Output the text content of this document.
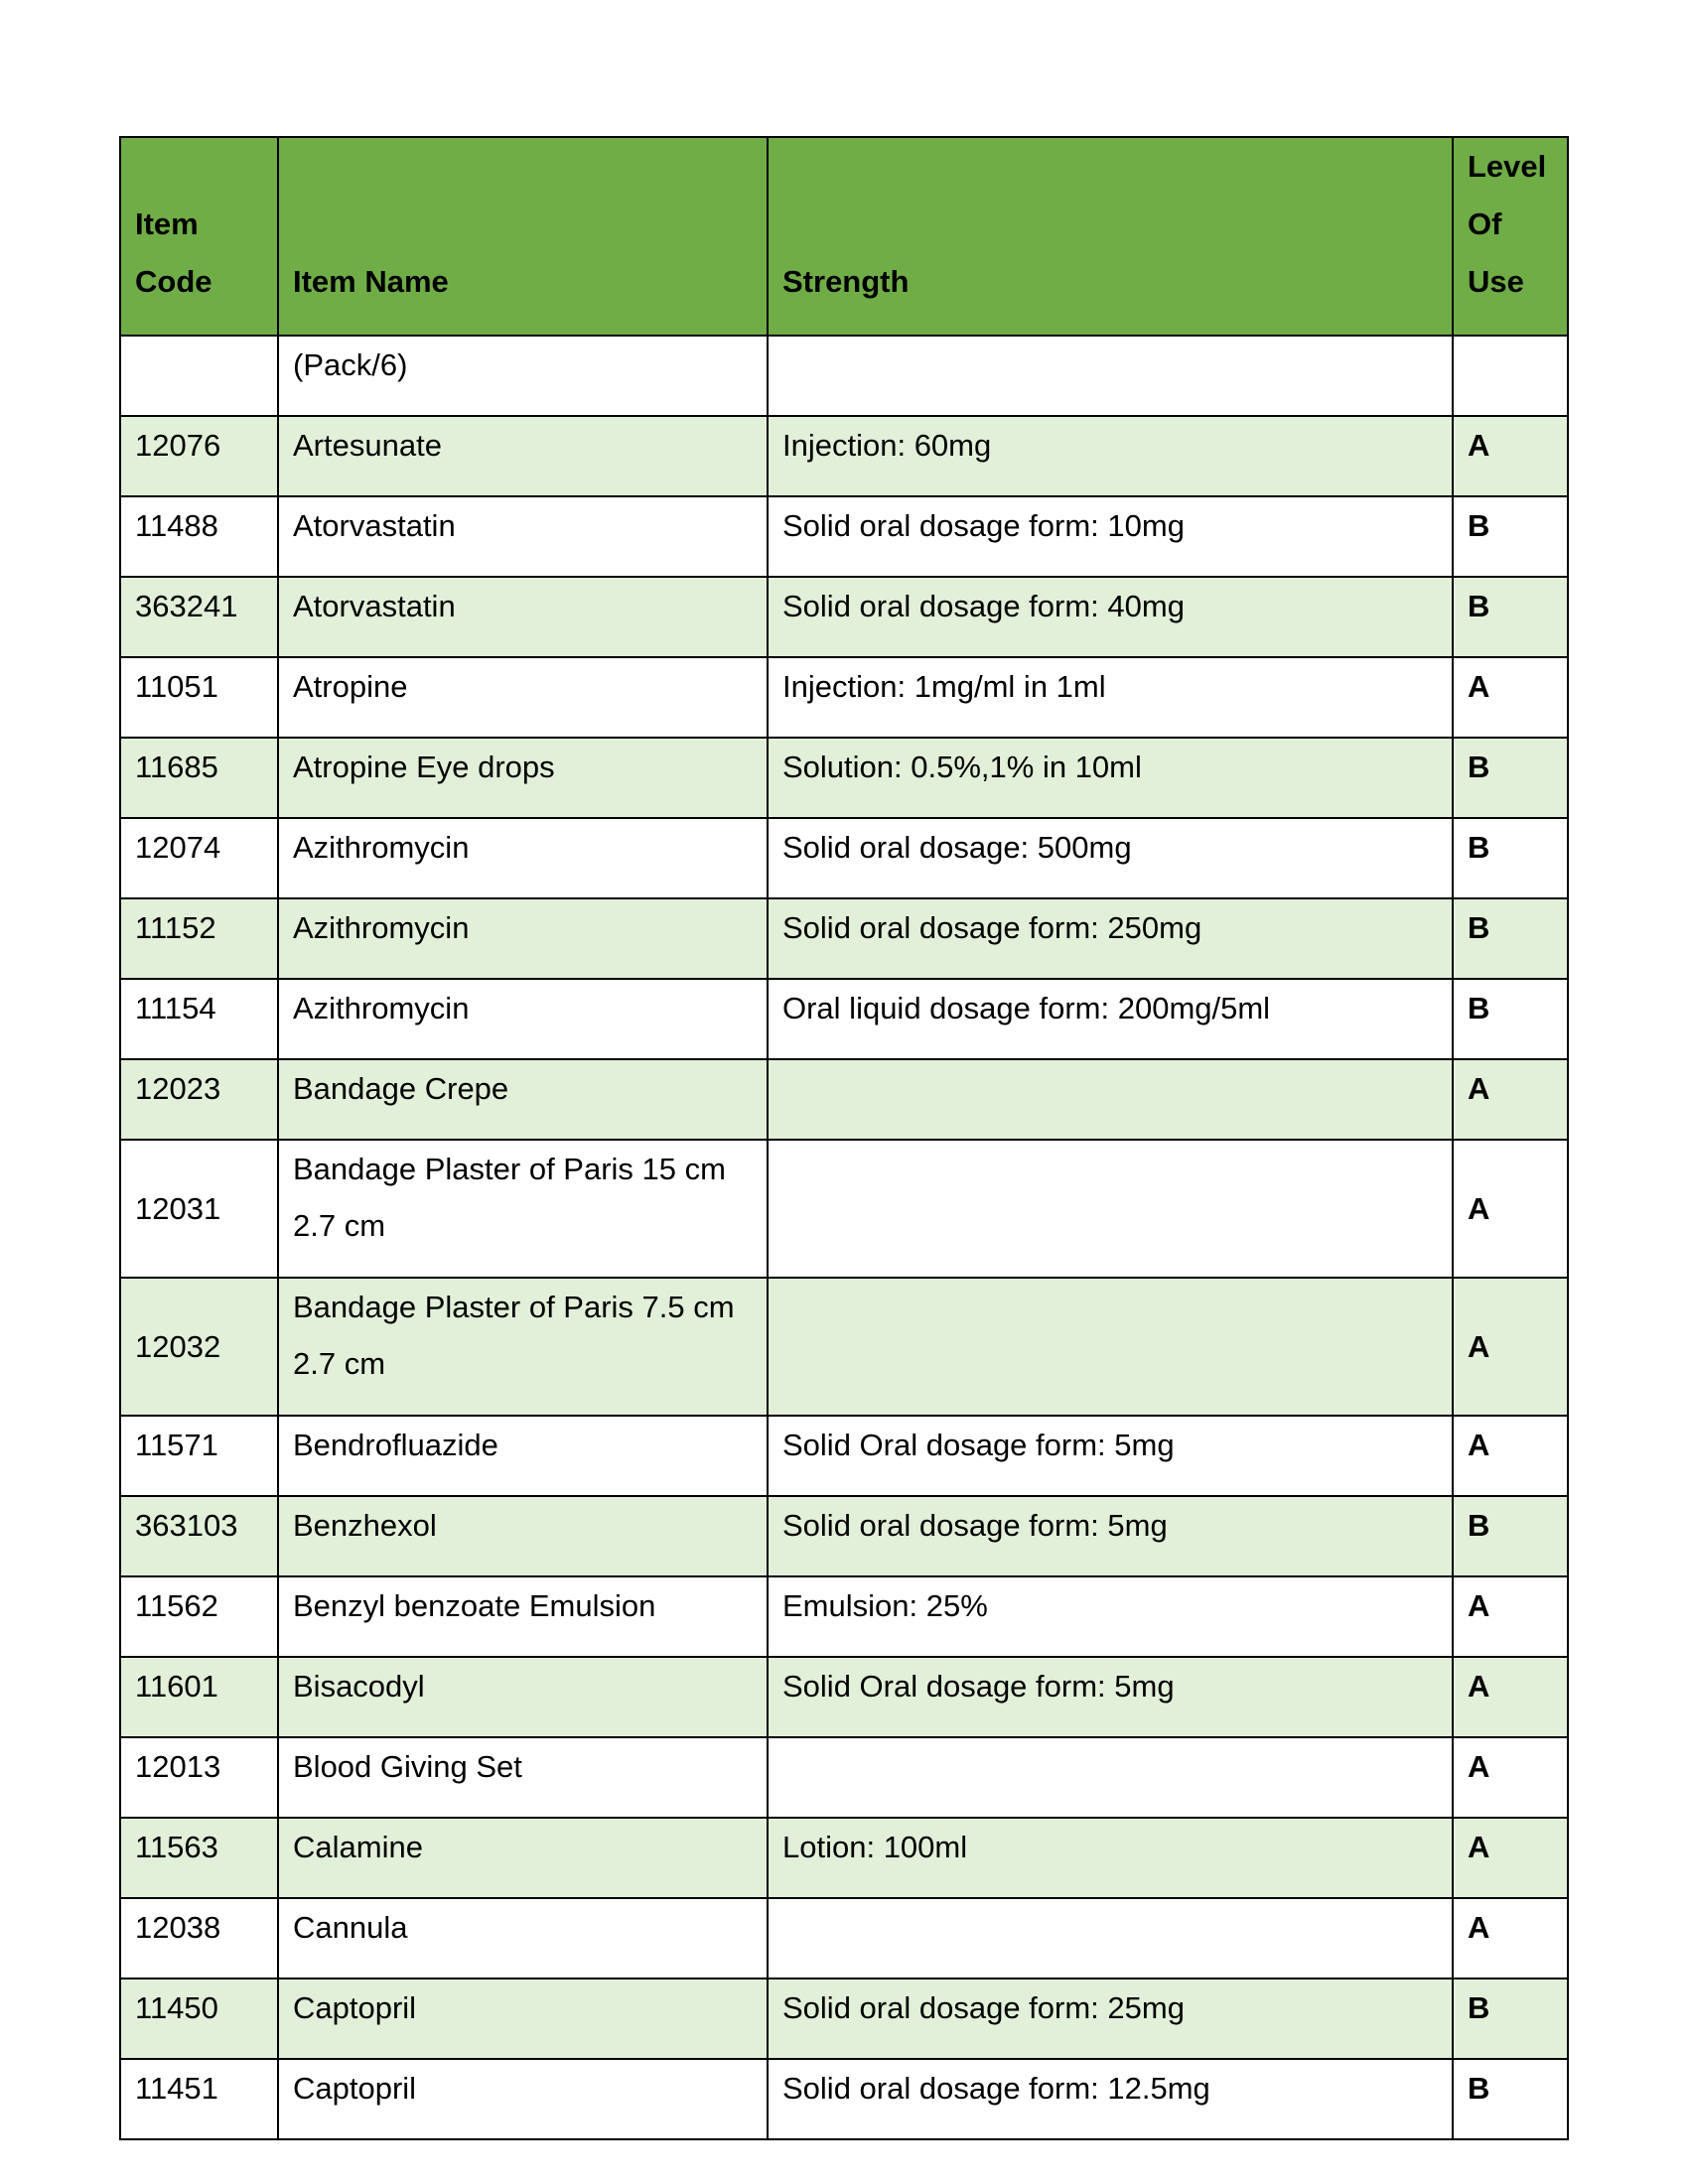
Item Code	Item Name	Strength	Level Of Use
	(Pack/6)		
12076	Artesunate	Injection: 60mg	A
11488	Atorvastatin	Solid oral dosage form: 10mg	B
363241	Atorvastatin	Solid oral dosage form: 40mg	B
11051	Atropine	Injection: 1mg/ml in 1ml	A
11685	Atropine Eye drops	Solution: 0.5%,1% in 10ml	B
12074	Azithromycin	Solid oral dosage: 500mg	B
11152	Azithromycin	Solid oral dosage form: 250mg	B
11154	Azithromycin	Oral liquid dosage form: 200mg/5ml	B
12023	Bandage Crepe		A
12031	Bandage Plaster of Paris 15 cm 2.7 cm		A
12032	Bandage Plaster of Paris 7.5 cm 2.7 cm		A
11571	Bendrofluazide	Solid Oral dosage form: 5mg	A
363103	Benzhexol	Solid oral dosage form: 5mg	B
11562	Benzyl benzoate Emulsion	Emulsion: 25%	A
11601	Bisacodyl	Solid Oral dosage form: 5mg	A
12013	Blood Giving Set		A
11563	Calamine	Lotion: 100ml	A
12038	Cannula		A
11450	Captopril	Solid oral dosage form: 25mg	B
11451	Captopril	Solid oral dosage form: 12.5mg	B
